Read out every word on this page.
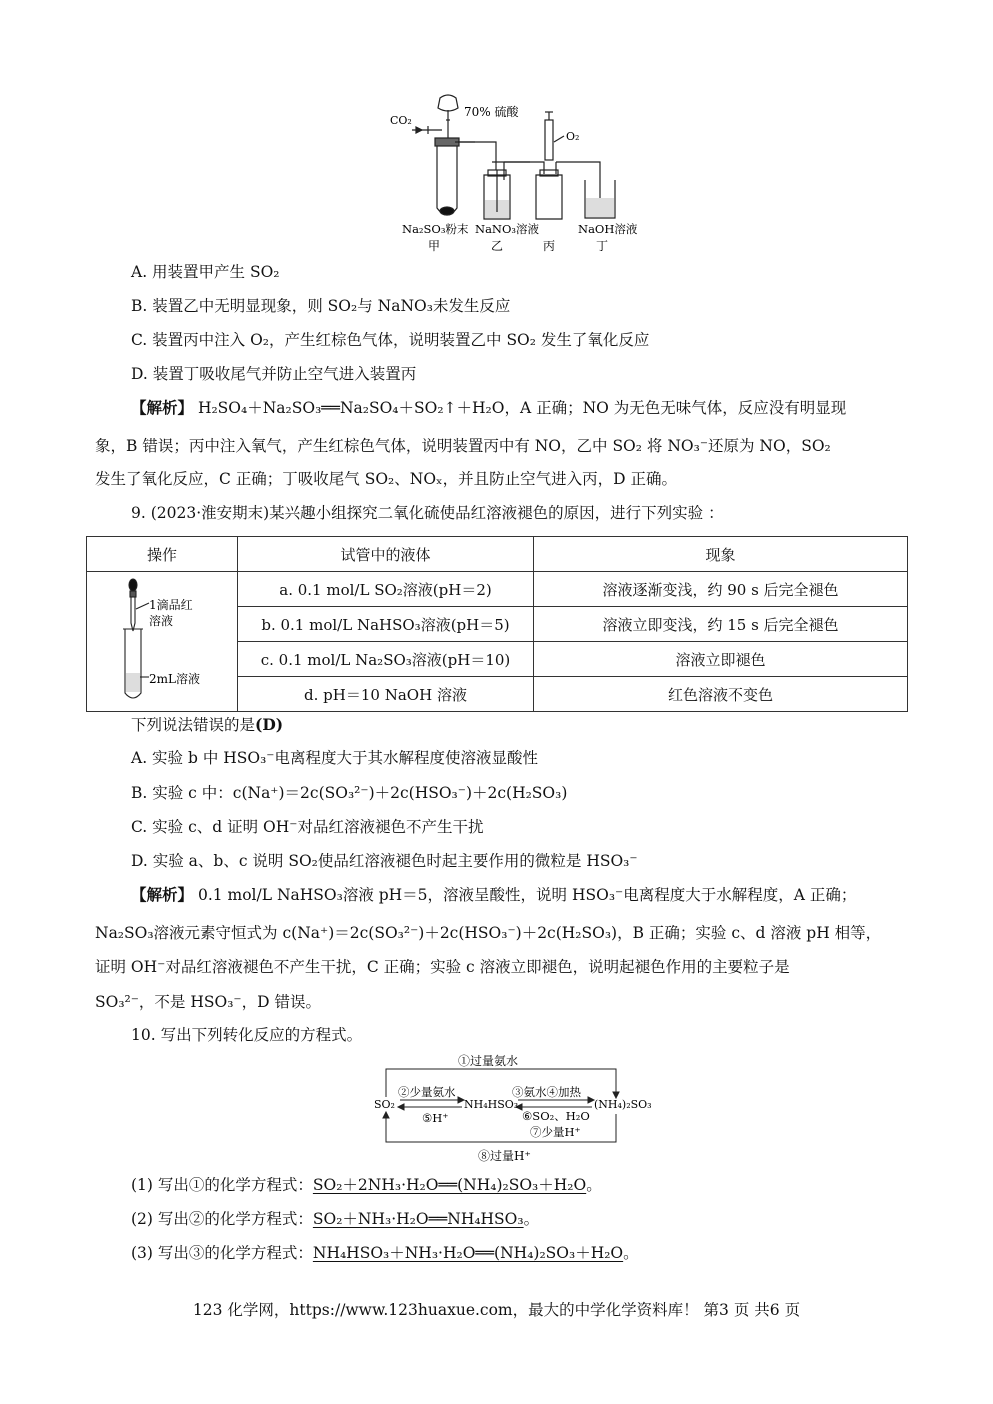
CO₂
70% 硫酸
O₂
Na₂SO₃粉末 NaNO₃溶液	NaOH溶液
甲	乙	丙	丁
A. 用装置甲产生 SO₂
B. 装置乙中无明显现象，则 SO₂与 NaNO₃未发生反应
C. 装置丙中注入 O₂，产生红棕色气体，说明装置乙中 SO₂ 发生了氧化反应
D. 装置丁吸收尾气并防止空气进入装置丙
【解析】 H₂SO₄＋Na₂SO₃══Na₂SO₄＋SO₂↑＋H₂O，A 正确；NO 为无色无味气体，反应没有明显现
象，B 错误；丙中注入氧气，产生红棕色气体，说明装置丙中有 NO，乙中 SO₂ 将 NO₃⁻还原为 NO，SO₂
发生了氧化反应，C 正确；丁吸收尾气 SO₂、NOₓ，并且防止空气进入丙，D 正确。
9. (2023·淮安期末)某兴趣小组探究二氧化硫使品红溶液褪色的原因，进行下列实验 ：
操作	试管中的液体	现象

1滴品红
溶液
2mL溶液	a. 0.1 mol/L SO₂溶液(pH＝2)	溶液逐渐变浅，约 90 s 后完全褪色
	b. 0.1 mol/L NaHSO₃溶液(pH＝5)	溶液立即变浅，约 15 s 后完全褪色
	c. 0.1 mol/L Na₂SO₃溶液(pH＝10)	溶液立即褪色
	d. pH＝10 NaOH 溶液	红色溶液不变色
下列说法错误的是(D)
A. 实验 b 中 HSO₃⁻电离程度大于其水解程度使溶液显酸性
B. 实验 c 中：c(Na⁺)＝2c(SO₃²⁻)＋2c(HSO₃⁻)＋2c(H₂SO₃)
C. 实验 c、d 证明 OH⁻对品红溶液褪色不产生干扰
D. 实验 a、b、c 说明 SO₂使品红溶液褪色时起主要作用的微粒是 HSO₃⁻
【解析】 0.1 mol/L NaHSO₃溶液 pH＝5，溶液呈酸性，说明 HSO₃⁻电离程度大于水解程度，A 正确；
Na₂SO₃溶液元素守恒式为 c(Na⁺)＝2c(SO₃²⁻)＋2c(HSO₃⁻)＋2c(H₂SO₃)，B 正确；实验 c、d 溶液 pH 相等，
证明 OH⁻对品红溶液褪色不产生干扰，C 正确；实验 c 溶液立即褪色，说明起褪色作用的主要粒子是
SO₃²⁻，不是 HSO₃⁻，D 错误。
10. 写出下列转化反应的方程式。
①过量氨水
SO₂	NH₄HSO₃	(NH₄)₂SO₃
②少量氨水
⑤H⁺
③氨水④加热
⑥SO₂、H₂O
⑦少量H⁺
⑧过量H⁺
(1) 写出①的化学方程式：SO₂＋2NH₃·H₂O══(NH₄)₂SO₃＋H₂O。
(2) 写出②的化学方程式：SO₂＋NH₃·H₂O══NH₄HSO₃。
(3) 写出③的化学方程式：NH₄HSO₃＋NH₃·H₂O══(NH₄)₂SO₃＋H₂O。
123 化学网，https://www.123huaxue.com，最大的中学化学资料库！ 第3 页 共6 页
